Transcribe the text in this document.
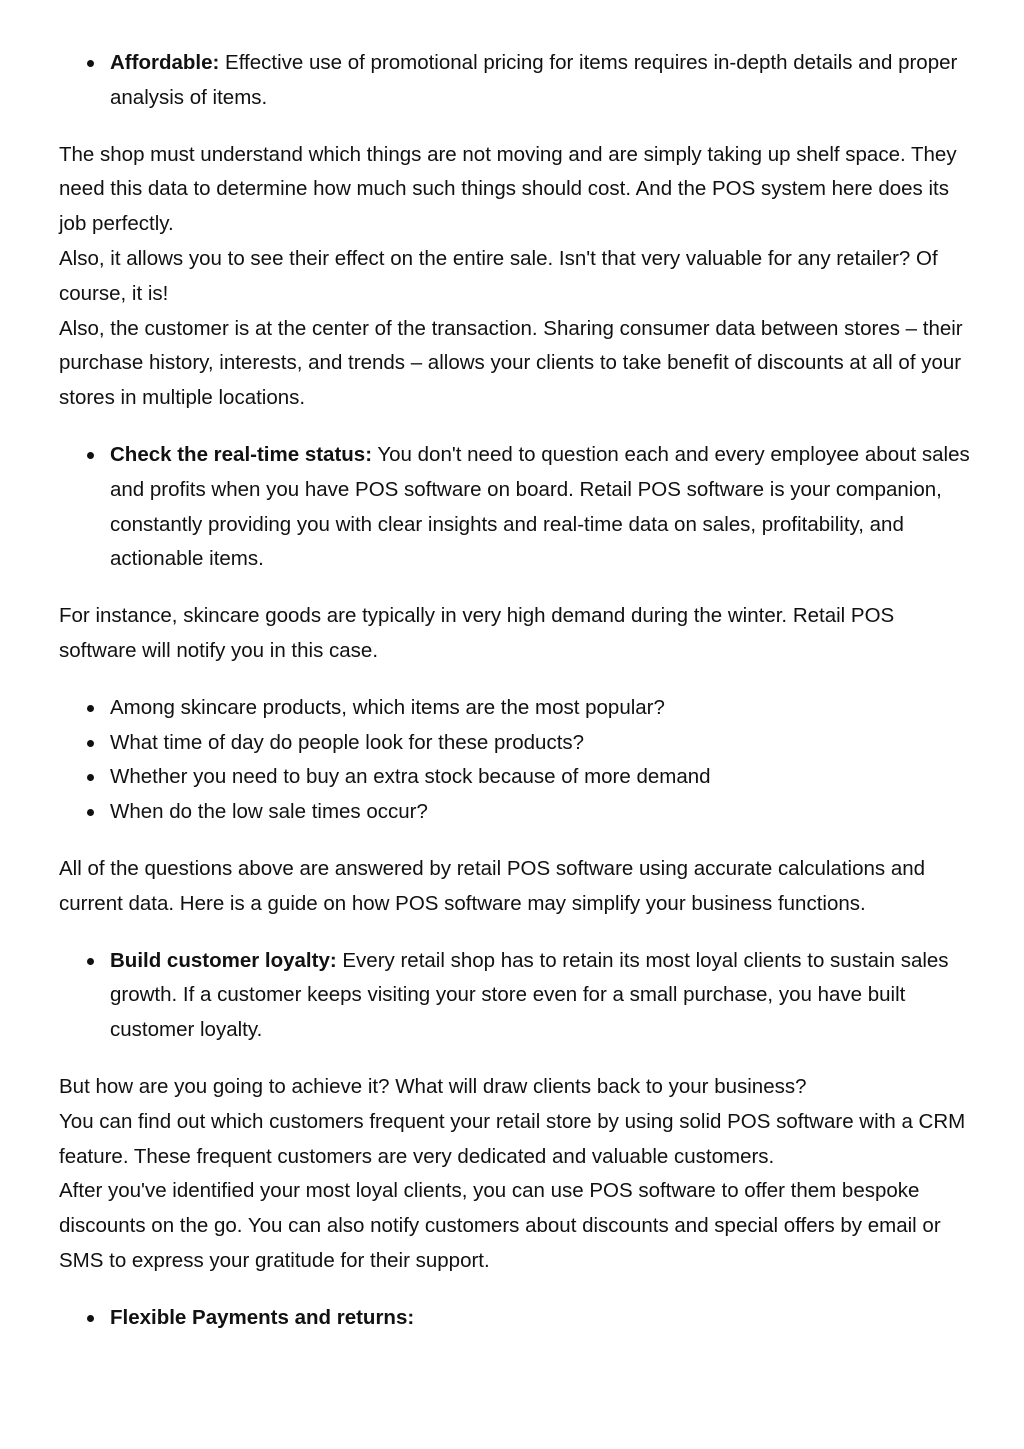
Affordable: Effective use of promotional pricing for items requires in-depth details and proper analysis of items.

The shop must understand which things are not moving and are simply taking up shelf space. They need this data to determine how much such things should cost. And the POS system here does its job perfectly.

Also, it allows you to see their effect on the entire sale. Isn't that very valuable for any retailer? Of course, it is!

Also, the customer is at the center of the transaction. Sharing consumer data between stores – their purchase history, interests, and trends – allows your clients to take benefit of discounts at all of your stores in multiple locations.

Check the real-time status: You don't need to question each and every employee about sales and profits when you have POS software on board. Retail POS software is your companion, constantly providing you with clear insights and real-time data on sales, profitability, and actionable items.

For instance, skincare goods are typically in very high demand during the winter. Retail POS software will notify you in this case.

Among skincare products, which items are the most popular?
What time of day do people look for these products?
Whether you need to buy an extra stock because of more demand
When do the low sale times occur?

All of the questions above are answered by retail POS software using accurate calculations and current data. Here is a guide on how POS software may simplify your business functions.

Build customer loyalty: Every retail shop has to retain its most loyal clients to sustain sales growth. If a customer keeps visiting your store even for a small purchase, you have built customer loyalty.

But how are you going to achieve it? What will draw clients back to your business?

You can find out which customers frequent your retail store by using solid POS software with a CRM feature. These frequent customers are very dedicated and valuable customers.

After you've identified your most loyal clients, you can use POS software to offer them bespoke discounts on the go. You can also notify customers about discounts and special offers by email or SMS to express your gratitude for their support.

Flexible Payments and returns:
